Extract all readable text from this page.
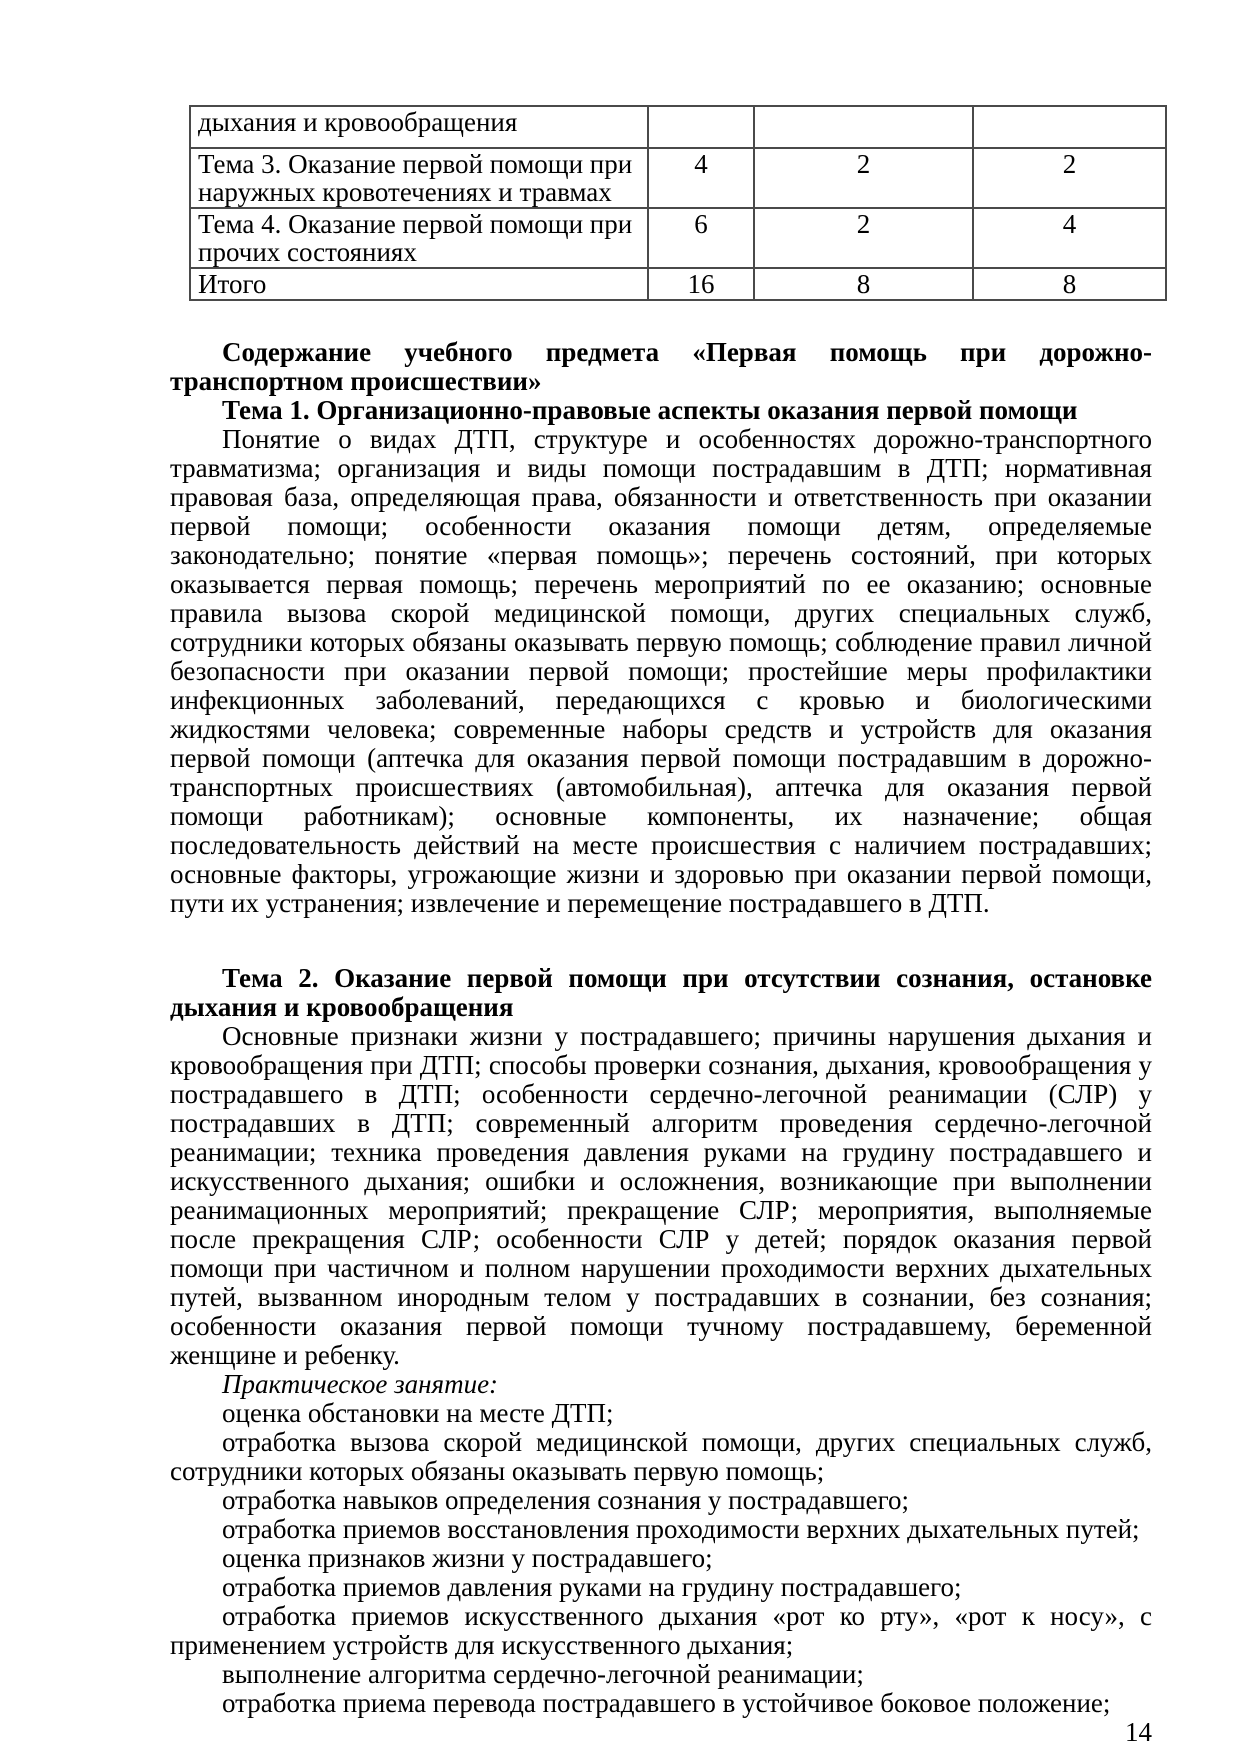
дыхания и кровообращения			
Тема 3. Оказание первой помощи при наружных кровотечениях и травмах	4	2	2
Тема 4. Оказание первой помощи при прочих состояниях	6	2	4
Итого	16	8	8

Содержание учебного предмета «Первая помощь при дорожно-транспортном происшествии»

Тема 1. Организационно-правовые аспекты оказания первой помощи

Понятие о видах ДТП, структуре и особенностях дорожно-транспортного травматизма; организация и виды помощи пострадавшим в ДТП; нормативная правовая база, определяющая права, обязанности и ответственность при оказании первой помощи; особенности оказания помощи детям, определяемые законодательно; понятие «первая помощь»; перечень состояний, при которых оказывается первая помощь; перечень мероприятий по ее оказанию; основные правила вызова скорой медицинской помощи, других специальных служб, сотрудники которых обязаны оказывать первую помощь; соблюдение правил личной безопасности при оказании первой помощи; простейшие меры профилактики инфекционных заболеваний, передающихся с кровью и биологическими жидкостями человека; современные наборы средств и устройств для оказания первой помощи (аптечка для оказания первой помощи пострадавшим в дорожно-транспортных происшествиях (автомобильная), аптечка для оказания первой помощи работникам); основные компоненты, их назначение; общая последовательность действий на месте происшествия с наличием пострадавших; основные факторы, угрожающие жизни и здоровью при оказании первой помощи, пути их устранения; извлечение и перемещение пострадавшего в ДТП.

Тема 2. Оказание первой помощи при отсутствии сознания, остановке дыхания и кровообращения

Основные признаки жизни у пострадавшего; причины нарушения дыхания и кровообращения при ДТП; способы проверки сознания, дыхания, кровообращения у пострадавшего в ДТП; особенности сердечно-легочной реанимации (СЛР) у пострадавших в ДТП; современный алгоритм проведения сердечно-легочной реанимации; техника проведения давления руками на грудину пострадавшего и искусственного дыхания; ошибки и осложнения, возникающие при выполнении реанимационных мероприятий; прекращение СЛР; мероприятия, выполняемые после прекращения СЛР; особенности СЛР у детей; порядок оказания первой помощи при частичном и полном нарушении проходимости верхних дыхательных путей, вызванном инородным телом у пострадавших в сознании, без сознания; особенности оказания первой помощи тучному пострадавшему, беременной женщине и ребенку.

Практическое занятие:

оценка обстановки на месте ДТП;

отработка вызова скорой медицинской помощи, других специальных служб, сотрудники которых обязаны оказывать первую помощь;

отработка навыков определения сознания у пострадавшего;

отработка приемов восстановления проходимости верхних дыхательных путей;

оценка признаков жизни у пострадавшего;

отработка приемов давления руками на грудину пострадавшего;

отработка приемов искусственного дыхания «рот ко рту», «рот к носу», с применением устройств для искусственного дыхания;

выполнение алгоритма сердечно-легочной реанимации;

отработка приема перевода пострадавшего в устойчивое боковое положение;

14
